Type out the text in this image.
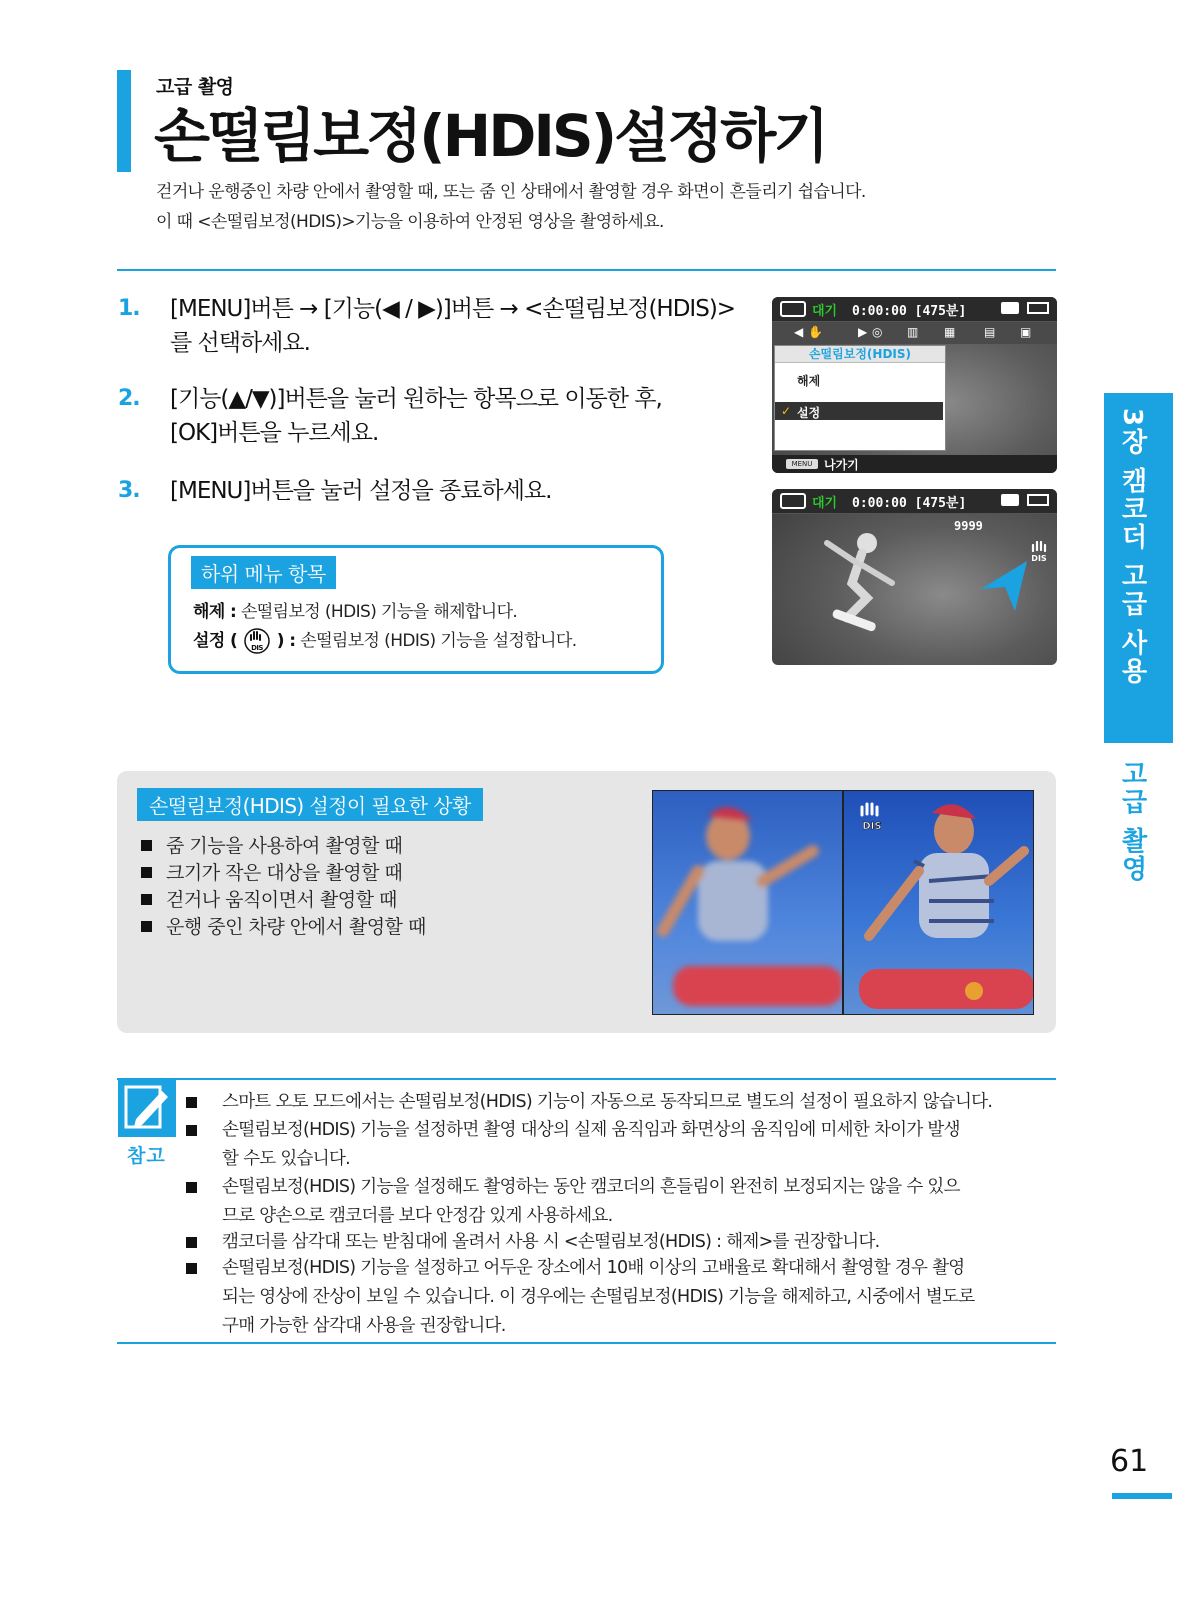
고급 촬영
손떨림보정(HDIS)설정하기
걷거나 운행중인 차량 안에서 촬영할 때, 또는 줌 인 상태에서 촬영할 경우 화면이 흔들리기 쉽습니다.
이 때 <손떨림보정(HDIS)>기능을 이용하여 안정된 영상을 촬영하세요.
1. [MENU]버튼 → [기능(◀ / ▶)]버튼 → <손떨림보정(HDIS)>
를 선택하세요.
2. [기능(▲/▼)]버튼을 눌러 원하는 항목으로 이동한 후,
[OK]버튼을 누르세요.
3. [MENU]버튼을 눌러 설정을 종료하세요.
하위 메뉴 항목
해제 : 손떨림보정 (HDIS) 기능을 해제합니다.
설정 ( DIS ) : 손떨림보정 (HDIS) 기능을 설정합니다.
대기 0:00:00 [475분]
◀ ✋	▶ ◎ ▥ ▦ ▤ ▣
손떨림보정(HDIS)
해제
✓ 설정
MENU 나가기
대기 0:00:00 [475분]
9999
DIS
손떨림보정(HDIS) 설정이 필요한 상황
줌 기능을 사용하여 촬영할 때
크기가 작은 대상을 촬영할 때
걷거나 움직이면서 촬영할 때
운행 중인 차량 안에서 촬영할 때
DIS
참고
스마트 오토 모드에서는 손떨림보정(HDIS) 기능이 자동으로 동작되므로 별도의 설정이 필요하지 않습니다.
손떨림보정(HDIS) 기능을 설정하면 촬영 대상의 실제 움직임과 화면상의 움직임에 미세한 차이가 발생
할 수도 있습니다.
손떨림보정(HDIS) 기능을 설정해도 촬영하는 동안 캠코더의 흔들림이 완전히 보정되지는 않을 수 있으
므로 양손으로 캠코더를 보다 안정감 있게 사용하세요.
캠코더를 삼각대 또는 받침대에 올려서 사용 시 <손떨림보정(HDIS) : 해제>를 권장합니다.
손떨림보정(HDIS) 기능을 설정하고 어두운 장소에서 10배 이상의 고배율로 확대해서 촬영할 경우 촬영
되는 영상에 잔상이 보일 수 있습니다. 이 경우에는 손떨림보정(HDIS) 기능을 해제하고, 시중에서 별도로
구매 가능한 삼각대 사용을 권장합니다.
3장 캠코더 고급 사용
고급 촬영
61
